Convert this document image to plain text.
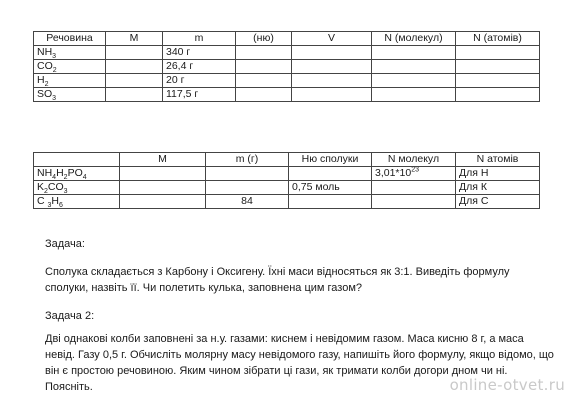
Речовина	M	m	(ню)	V	N (молекул)	N (атомів)
$NH_3$		340 г				
$CO_2$		26,4 г				
$H_2$		20 г				
$SO_3$		117,5 г				
	M	m (г)	Ню сполуки	N молекул	N атомів
$NH_4H_2PO_4$				$3,01*10^{23}$	Для Н
$K_2CO_3$			0,75 моль		Для К
C $_3H_6$		84			Для С

Задача:

Сполука складається з Карбону і Оксигену. Їхні маси відносяться як 3:1. Виведіть формулу сполуки, назвіть її. Чи полетить кулька, заповнена цим газом?

Задача 2:

Дві однакові колби заповнені за н.у. газами: киснем і невідомим газом. Маса кисню 8 г, а маса невід. Газу 0,5 г. Обчисліть молярну масу невідомого газу, напишіть його формулу, якщо відомо, що він є простою речовиною. Яким чином зібрати ці гази, як тримати колби догори дном чи ні. Поясніть.	online-otvet.ru
